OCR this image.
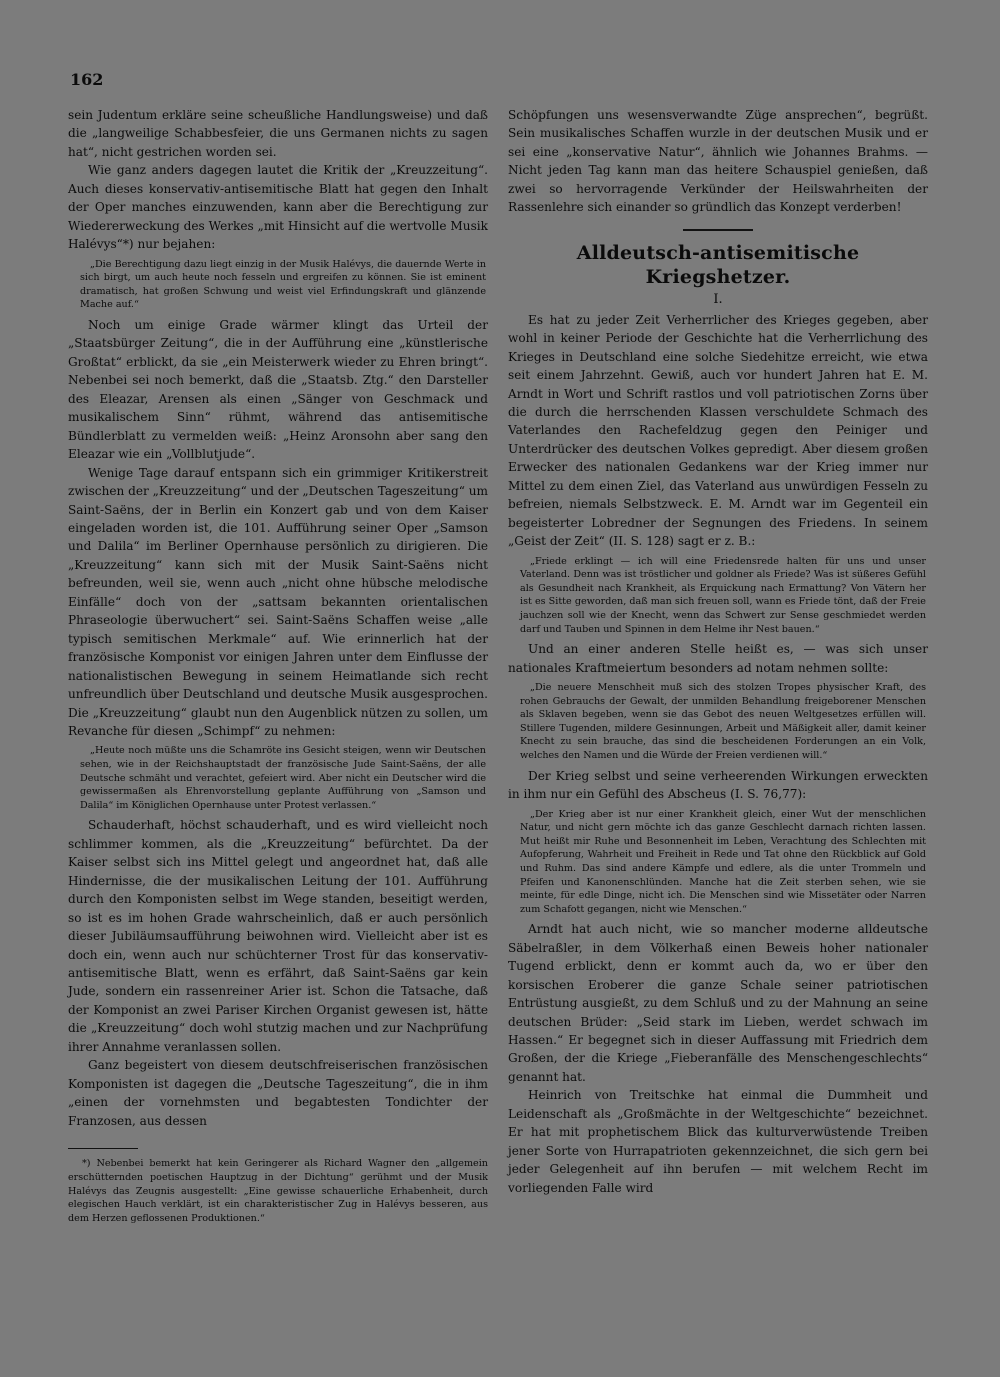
162

sein Judentum erkläre seine scheußliche Handlungsweise) und daß die „langweilige Schabbesfeier, die uns Germanen nichts zu sagen hat“, nicht gestrichen worden sei.

Wie ganz anders dagegen lautet die Kritik der „Kreuzzeitung“. Auch dieses konservativ-antisemitische Blatt hat gegen den Inhalt der Oper manches einzuwenden, kann aber die Berechtigung zur Wiedererweckung des Werkes „mit Hinsicht auf die wertvolle Musik Halévys“*) nur bejahen:

„Die Berechtigung dazu liegt einzig in der Musik Halévys, die dauernde Werte in sich birgt, um auch heute noch fesseln und ergreifen zu können. Sie ist eminent dramatisch, hat großen Schwung und weist viel Erfindungskraft und glänzende Mache auf.“

Noch um einige Grade wärmer klingt das Urteil der „Staatsbürger Zeitung“, die in der Aufführung eine „künstlerische Großtat“ erblickt, da sie „ein Meisterwerk wieder zu Ehren bringt“. Nebenbei sei noch bemerkt, daß die „Staatsb. Ztg.“ den Darsteller des Eleazar, Arensen als einen „Sänger von Geschmack und musikalischem Sinn“ rühmt, während das antisemitische Bündlerblatt zu vermelden weiß: „Heinz Aronsohn aber sang den Eleazar wie ein „Vollblutjude“.

Wenige Tage darauf entspann sich ein grimmiger Kritikerstreit zwischen der „Kreuzzeitung“ und der „Deutschen Tageszeitung“ um Saint-Saëns, der in Berlin ein Konzert gab und von dem Kaiser eingeladen worden ist, die 101. Aufführung seiner Oper „Samson und Dalila“ im Berliner Opernhause persönlich zu dirigieren. Die „Kreuzzeitung“ kann sich mit der Musik Saint-Saëns nicht befreunden, weil sie, wenn auch „nicht ohne hübsche melodische Einfälle“ doch von der „sattsam bekannten orientalischen Phraseologie überwuchert“ sei. Saint-Saëns Schaffen weise „alle typisch semitischen Merkmale“ auf. Wie erinnerlich hat der französische Komponist vor einigen Jahren unter dem Einflusse der nationalistischen Bewegung in seinem Heimatlande sich recht unfreundlich über Deutschland und deutsche Musik ausgesprochen. Die „Kreuzzeitung“ glaubt nun den Augenblick nützen zu sollen, um Revanche für diesen „Schimpf“ zu nehmen:

„Heute noch müßte uns die Schamröte ins Gesicht steigen, wenn wir Deutschen sehen, wie in der Reichshauptstadt der französische Jude Saint-Saëns, der alle Deutsche schmäht und verachtet, gefeiert wird. Aber nicht ein Deutscher wird die gewissermaßen als Ehrenvorstellung geplante Aufführung von „Samson und Dalila“ im Königlichen Opernhause unter Protest verlassen.“

Schauderhaft, höchst schauderhaft, und es wird vielleicht noch schlimmer kommen, als die „Kreuzzeitung“ befürchtet. Da der Kaiser selbst sich ins Mittel gelegt und angeordnet hat, daß alle Hindernisse, die der musikalischen Leitung der 101. Aufführung durch den Komponisten selbst im Wege standen, beseitigt werden, so ist es im hohen Grade wahrscheinlich, daß er auch persönlich dieser Jubiläumsaufführung beiwohnen wird. Vielleicht aber ist es doch ein, wenn auch nur schüchterner Trost für das konservativ-antisemitische Blatt, wenn es erfährt, daß Saint-Saëns gar kein Jude, sondern ein rassenreiner Arier ist. Schon die Tatsache, daß der Komponist an zwei Pariser Kirchen Organist gewesen ist, hätte die „Kreuzzeitung“ doch wohl stutzig machen und zur Nachprüfung ihrer Annahme veranlassen sollen.

Ganz begeistert von diesem deutschfreiserischen französischen Komponisten ist dagegen die „Deutsche Tageszeitung“, die in ihm „einen der vornehmsten und begabtesten Tondichter der Franzosen, aus dessen

*) Nebenbei bemerkt hat kein Geringerer als Richard Wagner den „allgemein erschütternden poetischen Hauptzug in der Dichtung“ gerühmt und der Musik Halévys das Zeugnis ausgestellt: „Eine gewisse schauerliche Erhabenheit, durch elegischen Hauch verklärt, ist ein charakteristischer Zug in Halévys besseren, aus dem Herzen geflossenen Produktionen.“

Schöpfungen uns wesensverwandte Züge ansprechen“, begrüßt. Sein musikalisches Schaffen wurzle in der deutschen Musik und er sei eine „konservative Natur“, ähnlich wie Johannes Brahms. — Nicht jeden Tag kann man das heitere Schauspiel genießen, daß zwei so hervorragende Verkünder der Heilswahrheiten der Rassenlehre sich einander so gründlich das Konzept verderben!

Alldeutsch-antisemitische Kriegshetzer.
I.

Es hat zu jeder Zeit Verherrlicher des Krieges gegeben, aber wohl in keiner Periode der Geschichte hat die Verherrlichung des Krieges in Deutschland eine solche Siedehitze erreicht, wie etwa seit einem Jahrzehnt. Gewiß, auch vor hundert Jahren hat E. M. Arndt in Wort und Schrift rastlos und voll patriotischen Zorns über die durch die herrschenden Klassen verschuldete Schmach des Vaterlandes den Rachefeldzug gegen den Peiniger und Unterdrücker des deutschen Volkes gepredigt. Aber diesem großen Erwecker des nationalen Gedankens war der Krieg immer nur Mittel zu dem einen Ziel, das Vaterland aus unwürdigen Fesseln zu befreien, niemals Selbstzweck. E. M. Arndt war im Gegenteil ein begeisterter Lobredner der Segnungen des Friedens. In seinem „Geist der Zeit“ (II. S. 128) sagt er z. B.:

„Friede erklingt — ich will eine Friedensrede halten für uns und unser Vaterland. Denn was ist tröstlicher und goldner als Friede? Was ist süßeres Gefühl als Gesundheit nach Krankheit, als Erquickung nach Ermattung? Von Vätern her ist es Sitte geworden, daß man sich freuen soll, wann es Friede tönt, daß der Freie jauchzen soll wie der Knecht, wenn das Schwert zur Sense geschmiedet werden darf und Tauben und Spinnen in dem Helme ihr Nest bauen.“

Und an einer anderen Stelle heißt es, — was sich unser nationales Kraftmeiertum besonders ad notam nehmen sollte:

„Die neuere Menschheit muß sich des stolzen Tropes physischer Kraft, des rohen Gebrauchs der Gewalt, der unmilden Behandlung freigeborener Menschen als Sklaven begeben, wenn sie das Gebot des neuen Weltgesetzes erfüllen will. Stillere Tugenden, mildere Gesinnungen, Arbeit und Mäßigkeit aller, damit keiner Knecht zu sein brauche, das sind die bescheidenen Forderungen an ein Volk, welches den Namen und die Würde der Freien verdienen will.“

Der Krieg selbst und seine verheerenden Wirkungen erweckten in ihm nur ein Gefühl des Abscheus (I. S. 76,77):

„Der Krieg aber ist nur einer Krankheit gleich, einer Wut der menschlichen Natur, und nicht gern möchte ich das ganze Geschlecht darnach richten lassen. Mut heißt mir Ruhe und Besonnenheit im Leben, Verachtung des Schlechten mit Aufopferung, Wahrheit und Freiheit in Rede und Tat ohne den Rückblick auf Gold und Ruhm. Das sind andere Kämpfe und edlere, als die unter Trommeln und Pfeifen und Kanonenschlünden. Manche hat die Zeit sterben sehen, wie sie meinte, für edle Dinge, nicht ich. Die Menschen sind wie Missetäter oder Narren zum Schafott gegangen, nicht wie Menschen.“

Arndt hat auch nicht, wie so mancher moderne alldeutsche Säbelraßler, in dem Völkerhaß einen Beweis hoher nationaler Tugend erblickt, denn er kommt auch da, wo er über den korsischen Eroberer die ganze Schale seiner patriotischen Entrüstung ausgießt, zu dem Schluß und zu der Mahnung an seine deutschen Brüder: „Seid stark im Lieben, werdet schwach im Hassen.“ Er begegnet sich in dieser Auffassung mit Friedrich dem Großen, der die Kriege „Fieberanfälle des Menschengeschlechts“ genannt hat.

Heinrich von Treitschke hat einmal die Dummheit und Leidenschaft als „Großmächte in der Weltgeschichte“ bezeichnet. Er hat mit prophetischem Blick das kulturverwüstende Treiben jener Sorte von Hurrapatrioten gekennzeichnet, die sich gern bei jeder Gelegenheit auf ihn berufen — mit welchem Recht im vorliegenden Falle wird
